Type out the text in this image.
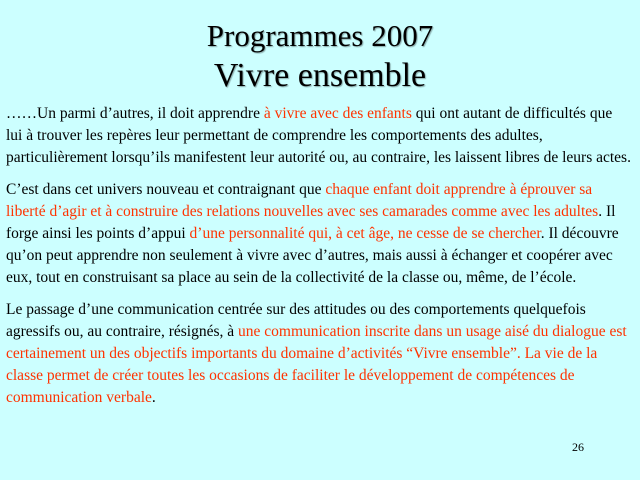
Programmes 2007
Vivre ensemble

……Un parmi d’autres, il doit apprendre à vivre avec des enfants qui ont autant de difficultés que lui à trouver les repères leur permettant de comprendre les comportements des adultes, particulièrement lorsqu’ils manifestent leur autorité ou, au contraire, les laissent libres de leurs actes.

C’est dans cet univers nouveau et contraignant que chaque enfant doit apprendre à éprouver sa liberté d’agir et à construire des relations nouvelles avec ses camarades comme avec les adultes. Il forge ainsi les points d’appui d’une personnalité qui, à cet âge, ne cesse de se chercher. Il découvre qu’on peut apprendre non seulement à vivre avec d’autres, mais aussi à échanger et coopérer avec eux, tout en construisant sa place au sein de la collectivité de la classe ou, même, de l’école.

Le passage d’une communication centrée sur des attitudes ou des comportements quelquefois agressifs ou, au contraire, résignés, à une communication inscrite dans un usage aisé du dialogue est certainement un des objectifs importants du domaine d’activités “Vivre ensemble”. La vie de la classe permet de créer toutes les occasions de faciliter le développement de compétences de communication verbale.

26
